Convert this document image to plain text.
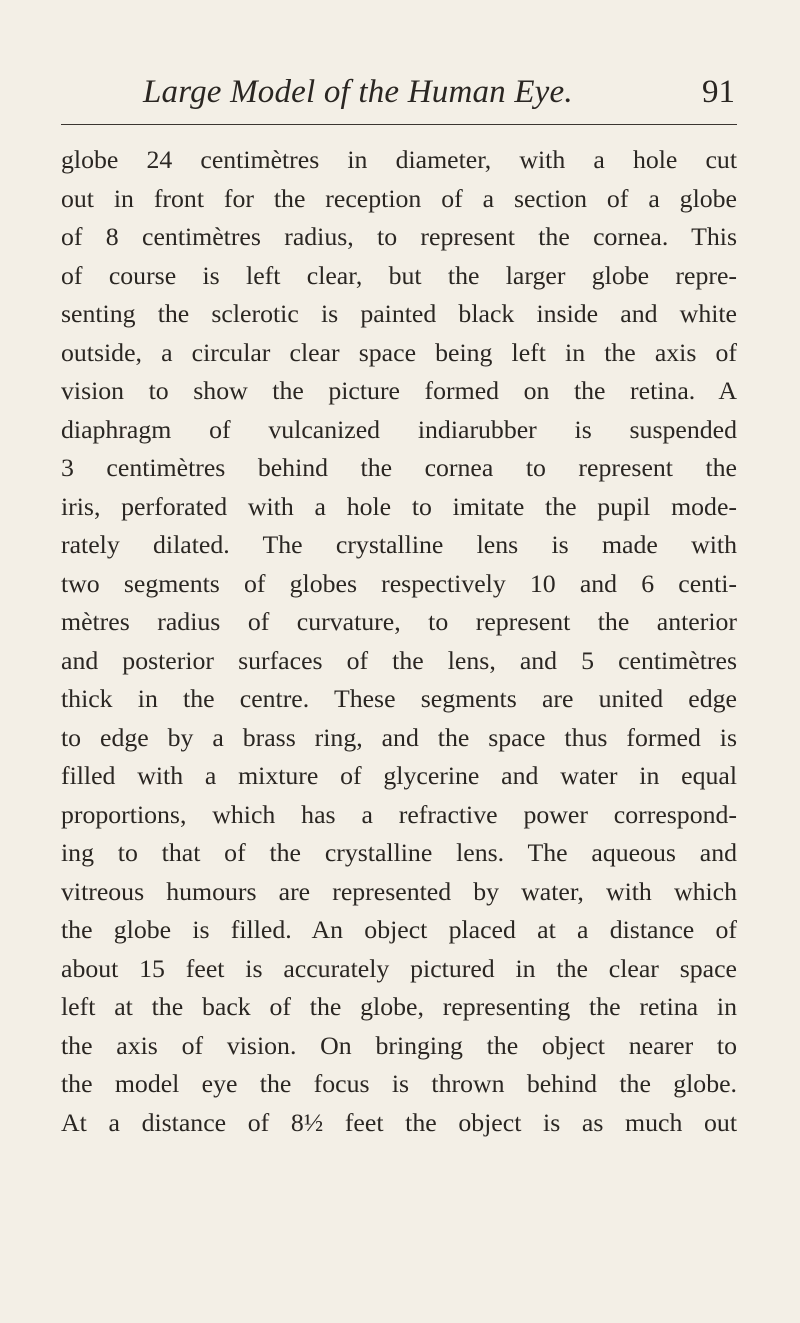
Large Model of the Human Eye.	91
globe 24 centimètres in diameter, with a hole cut
out in front for the reception of a section of a globe
of 8 centimètres radius, to represent the cornea. This
of course is left clear, but the larger globe repre-
senting the sclerotic is painted black inside and white
outside, a circular clear space being left in the axis of
vision to show the picture formed on the retina. A
diaphragm of vulcanized indiarubber is suspended
3 centimètres behind the cornea to represent the
iris, perforated with a hole to imitate the pupil mode-
rately dilated. The crystalline lens is made with
two segments of globes respectively 10 and 6 centi-
mètres radius of curvature, to represent the anterior
and posterior surfaces of the lens, and 5 centimètres
thick in the centre. These segments are united edge
to edge by a brass ring, and the space thus formed is
filled with a mixture of glycerine and water in equal
proportions, which has a refractive power correspond-
ing to that of the crystalline lens. The aqueous and
vitreous humours are represented by water, with which
the globe is filled. An object placed at a distance of
about 15 feet is accurately pictured in the clear space
left at the back of the globe, representing the retina in
the axis of vision. On bringing the object nearer to
the model eye the focus is thrown behind the globe.
At a distance of 8½ feet the object is as much out
